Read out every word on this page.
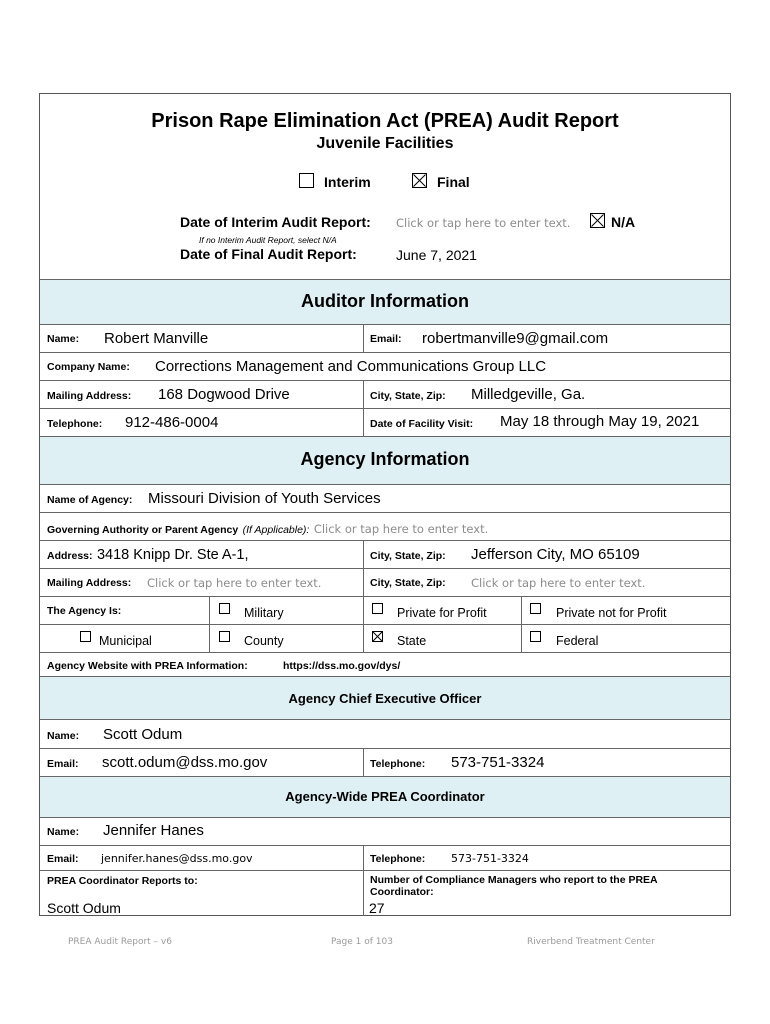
Prison Rape Elimination Act (PREA) Audit Report
Juvenile Facilities
Interim	Final
Date of Interim Audit Report: Click or tap here to enter text.	N/A
If no Interim Audit Report, select N/A
Date of Final Audit Report:	June 7, 2021
Auditor Information
Name: Robert Manville	Email: robertmanville9@gmail.com
Company Name: Corrections Management and Communications Group LLC
Mailing Address: 168 Dogwood Drive	City, State, Zip: Milledgeville, Ga.
Telephone: 912-486-0004	Date of Facility Visit: May 18 through May 19, 2021
Agency Information
Name of Agency: Missouri Division of Youth Services
Governing Authority or Parent Agency (If Applicable): Click or tap here to enter text.
Address: 3418 Knipp Dr. Ste A-1,	City, State, Zip: Jefferson City, MO 65109
Mailing Address: Click or tap here to enter text.	City, State, Zip: Click or tap here to enter text.
The Agency Is:	Military	Private for Profit	Private not for Profit
Municipal	County	State	Federal
Agency Website with PREA Information:	https://dss.mo.gov/dys/
Agency Chief Executive Officer
Name: Scott Odum
Email: scott.odum@dss.mo.gov	Telephone: 573-751-3324
Agency-Wide PREA Coordinator
Name: Jennifer Hanes
Email: jennifer.hanes@dss.mo.gov	Telephone: 573-751-3324
PREA Coordinator Reports to:
Scott Odum
Number of Compliance Managers who report to the PREA Coordinator:
27
PREA Audit Report – v6	Page 1 of 103	Riverbend Treatment Center
